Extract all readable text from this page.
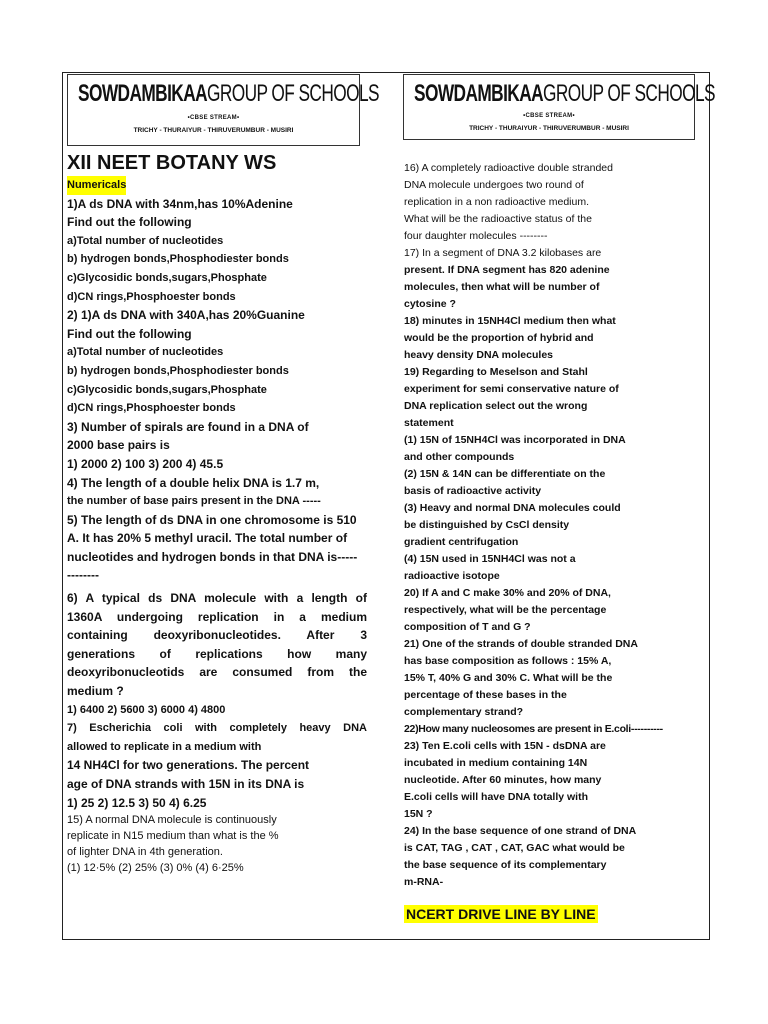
SOWDAMBIKAAGROUP OF SCHOOLS
•CBSE STREAM•
TRICHY - THURAIYUR - THIRUVERUMBUR - MUSIRI
SOWDAMBIKAAGROUP OF SCHOOLS
•CBSE STREAM•
TRICHY - THURAIYUR - THIRUVERUMBUR - MUSIRI
XII NEET BOTANY WS
Numericals
1)A ds DNA with 34nm,has 10%Adenine
Find out the following
a)Total number of nucleotides
b) hydrogen bonds,Phosphodiester bonds
c)Glycosidic bonds,sugars,Phosphate
d)CN rings,Phosphoester bonds
2) 1)A ds DNA with 340A,has 20%Guanine
Find out the following
a)Total number of nucleotides
b) hydrogen bonds,Phosphodiester bonds
c)Glycosidic bonds,sugars,Phosphate
d)CN rings,Phosphoester bonds
3) Number of spirals are found in a DNA of
2000 base pairs is
1) 2000 2) 100 3) 200 4) 45.5
4) The length of a double helix DNA is 1.7 m,
the number of base pairs present in the DNA -----
5) The length of ds DNA in one chromosome is 510
A. It has 20% 5 methyl uracil. The total number of
nucleotides and hydrogen bonds in that DNA is-----
--------
6) A typical ds DNA molecule with a length of
1360A undergoing replication in a medium
containing deoxyribonucleotides. After 3
generations of replications how many
deoxyribonucleotids are consumed from the
medium ?
1) 6400 2) 5600 3) 6000 4) 4800
7) Escherichia coli with completely heavy DNA
allowed to replicate in a medium with
14 NH4Cl for two generations. The percent
age of DNA strands with 15N in its DNA is
1) 25 2) 12.5 3) 50 4) 6.25
15) A normal DNA molecule is continuously
replicate in N15 medium than what is the %
of lighter DNA in 4th generation.
(1) 12·5% (2) 25% (3) 0% (4) 6·25%
16) A completely radioactive double stranded
DNA molecule undergoes two round of
replication in a non radioactive medium.
What will be the radioactive status of the
four daughter molecules --------
17) In a segment of DNA 3.2 kilobases are
present. If DNA segment has 820 adenine
molecules, then what will be number of
cytosine ?
18) minutes in 15NH4Cl medium then what
would be the proportion of hybrid and
heavy density DNA molecules
19) Regarding to Meselson and Stahl
experiment for semi conservative nature of
DNA replication select out the wrong
statement
(1) 15N of 15NH4Cl was incorporated in DNA
and other compounds
(2) 15N & 14N can be differentiate on the
basis of radioactive activity
(3) Heavy and normal DNA molecules could
be distinguished by CsCl density
gradient centrifugation
(4) 15N used in 15NH4Cl was not a
radioactive isotope
20) If A and C make 30% and 20% of DNA,
respectively, what will be the percentage
composition of T and G ?
21) One of the strands of double stranded DNA
has base composition as follows : 15% A,
15% T, 40% G and 30% C. What will be the
percentage of these bases in the
complementary strand?
22)How many nucleosomes are present in E.coli----------
23) Ten E.coli cells with 15N - dsDNA are
incubated in medium containing 14N
nucleotide. After 60 minutes, how many
E.coli cells will have DNA totally with
15N ?
24) In the base sequence of one strand of DNA
is CAT, TAG , CAT , CAT, GAC what would be
the base sequence of its complementary
m-RNA-
NCERT DRIVE LINE BY LINE
